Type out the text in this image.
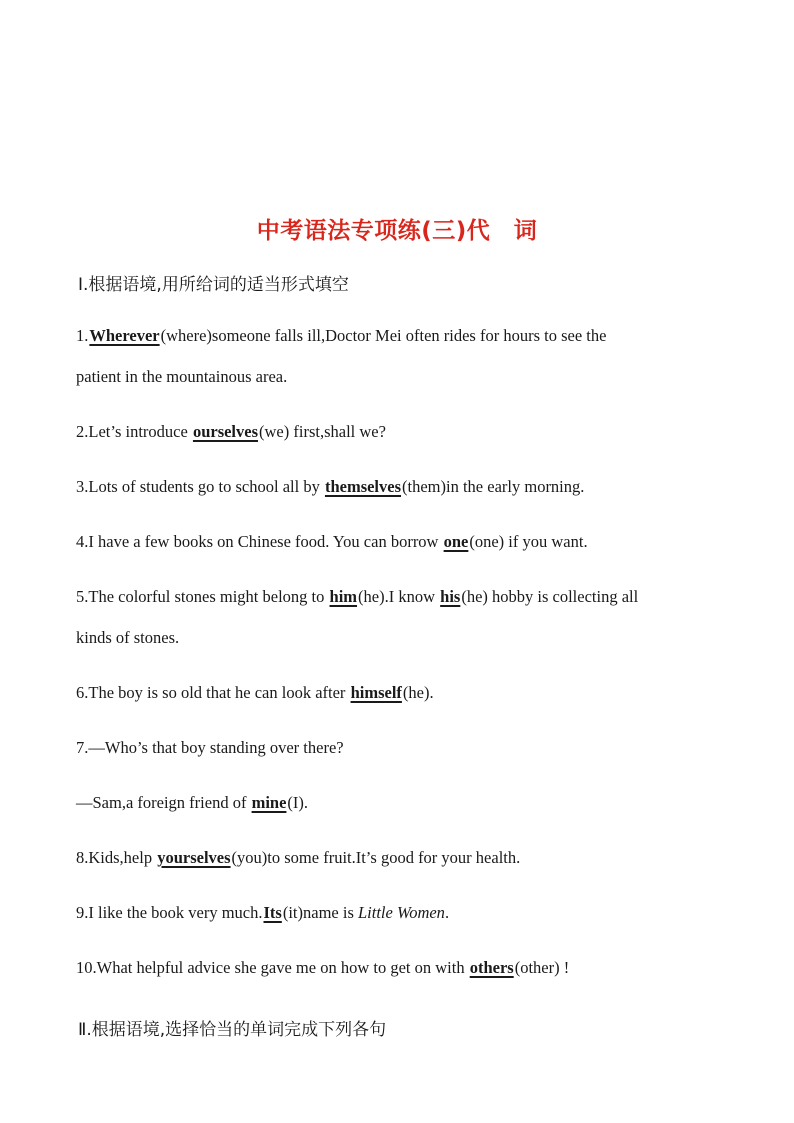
中考语法专项练(三)代　词
Ⅰ.根据语境,用所给词的适当形式填空
1.Wherever(where)someone falls ill,Doctor Mei often rides for hours to see the
patient in the mountainous area.
2.Let’s introduce ourselves(we) first,shall we?
3.Lots of students go to school all by themselves(them)in the early morning.
4.I have a few books on Chinese food. You can borrow one(one) if you want.
5.The colorful stones might belong to him(he).I know his(he) hobby is collecting all
kinds of stones.
6.The boy is so old that he can look after himself(he).
7.—Who’s that boy standing over there?
—Sam,a foreign friend of mine(I).
8.Kids,help yourselves(you)to some fruit.It’s good for your health.
9.I like the book very much.Its(it)name is Little Women.
10.What helpful advice she gave me on how to get on with others(other) !
Ⅱ.根据语境,选择恰当的单词完成下列各句
